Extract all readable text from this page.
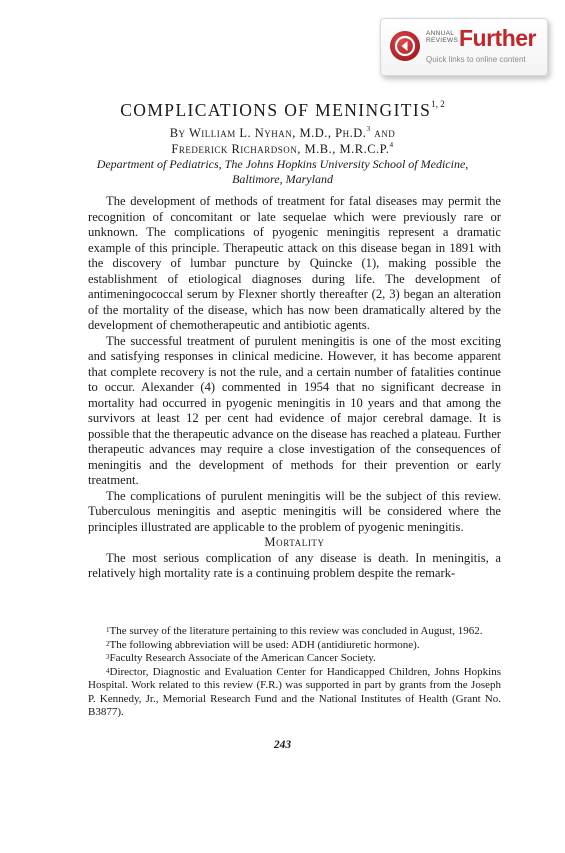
ANNUAL
REVIEWS Further
Quick links to online content
COMPLICATIONS OF MENINGITIS$^{1, 2}$
By William L. Nyhan, M.D., Ph.D.$^3$ and
Frederick Richardson, M.B., M.R.C.P.$^4$
Department of Pediatrics, The Johns Hopkins University School of Medicine,
Baltimore, Maryland

The development of methods of treatment for fatal diseases may permit the recognition of concomitant or late sequelae which were previously rare or unknown. The complications of pyogenic meningitis represent a dramatic example of this principle. Therapeutic attack on this disease began in 1891 with the discovery of lumbar puncture by Quincke (1), making possible the establishment of etiological diagnoses during life. The development of antimeningococcal serum by Flexner shortly thereafter (2, 3) began an alteration of the mortality of the disease, which has now been dramatically altered by the development of chemotherapeutic and antibiotic agents.

The successful treatment of purulent meningitis is one of the most exciting and satisfying responses in clinical medicine. However, it has become apparent that complete recovery is not the rule, and a certain number of fatalities continue to occur. Alexander (4) commented in 1954 that no significant decrease in mortality had occurred in pyogenic meningitis in 10 years and that among the survivors at least 12 per cent had evidence of major cerebral damage. It is possible that the therapeutic advance on the disease has reached a plateau. Further therapeutic advances may require a close investigation of the consequences of meningitis and the development of methods for their prevention or early treatment.

The complications of purulent meningitis will be the subject of this review. Tuberculous meningitis and aseptic meningitis will be considered where the principles illustrated are applicable to the problem of pyogenic meningitis.

Mortality

The most serious complication of any disease is death. In meningitis, a relatively high mortality rate is a continuing problem despite the remark-

$^1$The survey of the literature pertaining to this review was concluded in August, 1962.

$^2$The following abbreviation will be used: ADH (antidiuretic hormone).

$^3$Faculty Research Associate of the American Cancer Society.

$^4$Director, Diagnostic and Evaluation Center for Handicapped Children, Johns Hopkins Hospital. Work related to this review (F.R.) was supported in part by grants from the Joseph P. Kennedy, Jr., Memorial Research Fund and the National Institutes of Health (Grant No. B3877).

243
